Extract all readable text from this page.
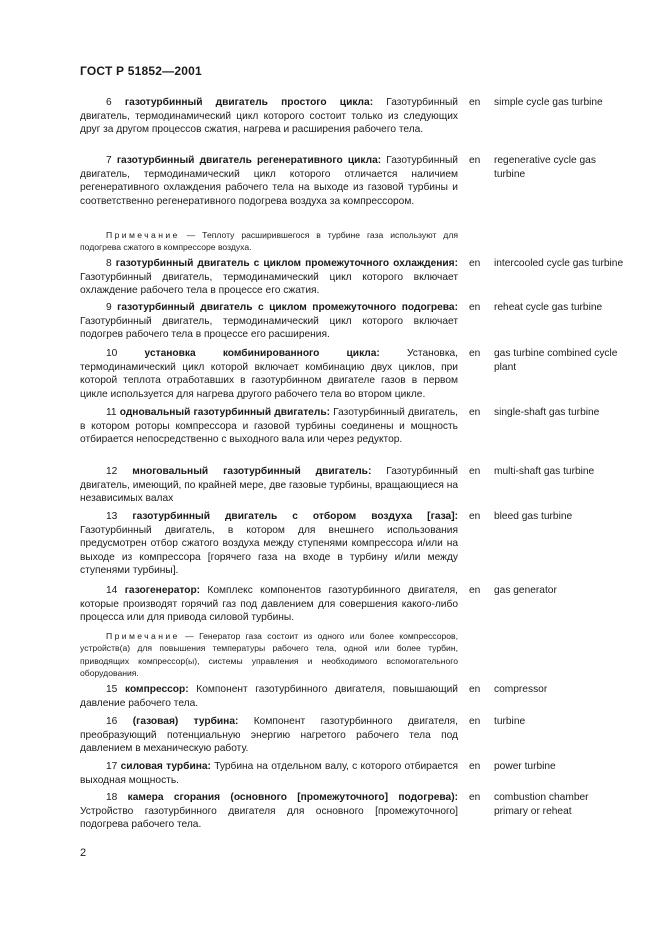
ГОСТ Р 51852—2001
6 газотурбинный двигатель простого цикла: Газотурбинный двигатель, термодинамический цикл которого состоит только из следующих друг за другом процессов сжатия, нагрева и расширения рабочего тела.
en simple cycle gas turbine
7 газотурбинный двигатель регенеративного цикла: Газотурбинный двигатель, термодинамический цикл которого отличается наличием регенеративного охлаждения рабочего тела на выходе из газовой турбины и соответственно регенеративного подогрева воздуха за компрессором.
en regenerative cycle gas turbine
Примечание — Теплоту расширившегося в турбине газа используют для подогрева сжатого в компрессоре воздуха.
8 газотурбинный двигатель с циклом промежуточного охлаждения: Газотурбинный двигатель, термодинамический цикл которого включает охлаждение рабочего тела в процессе его сжатия.
en intercooled cycle gas turbine
9 газотурбинный двигатель с циклом промежуточного подогрева: Газотурбинный двигатель, термодинамический цикл которого включает подогрев рабочего тела в процессе его расширения.
en reheat cycle gas turbine
10	установка комбинированного цикла:	Установка, термодинамический цикл которой включает комбинацию двух циклов, при которой теплота отработавших в газотурбинном двигателе газов в первом цикле используется для нагрева другого рабочего тела во втором цикле.
en gas turbine combined cycle plant
11 одновальный газотурбинный двигатель: Газотурбинный двигатель, в котором роторы компрессора и газовой турбины соединены и мощность отбирается непосредственно с выходного вала или через редуктор.
en single-shaft gas turbine
12 многовальный газотурбинный двигатель: Газотурбинный двигатель, имеющий, по крайней мере, две газовые турбины, вращающиеся на независимых валах
en multi-shaft gas turbine
13 газотурбинный двигатель с отбором воздуха [газа]: Газотурбинный двигатель, в котором для внешнего использования предусмотрен отбор сжатого воздуха между ступенями компрессора и/или на выходе из компрессора [горячего газа на входе в турбину и/или между ступенями турбины].
en bleed gas turbine
14 газогенератор: Комплекс компонентов газотурбинного двигателя, которые производят горячий газ под давлением для совершения какого-либо процесса или для привода силовой турбины.
en gas generator
Примечание — Генератор газа состоит из одного или более компрессоров, устройств(а) для повышения температуры рабочего тела, одной или более турбин, приводящих компрессор(ы), системы управления и необходимого вспомогательного оборудования.
15 компрессор: Компонент газотурбинного двигателя, повышающий давление рабочего тела.
en compressor
16 (газовая) турбина: Компонент газотурбинного двигателя, преобразующий потенциальную энергию нагретого рабочего тела под давлением в механическую работу.
en turbine
17 силовая турбина: Турбина на отдельном валу, с которого отбирается выходная мощность.
en power turbine
18 камера сгорания (основного [промежуточного] подогрева): Устройство газотурбинного двигателя для основного [промежуточного] подогрева рабочего тела.
en combustion chamber primary or reheat
2
